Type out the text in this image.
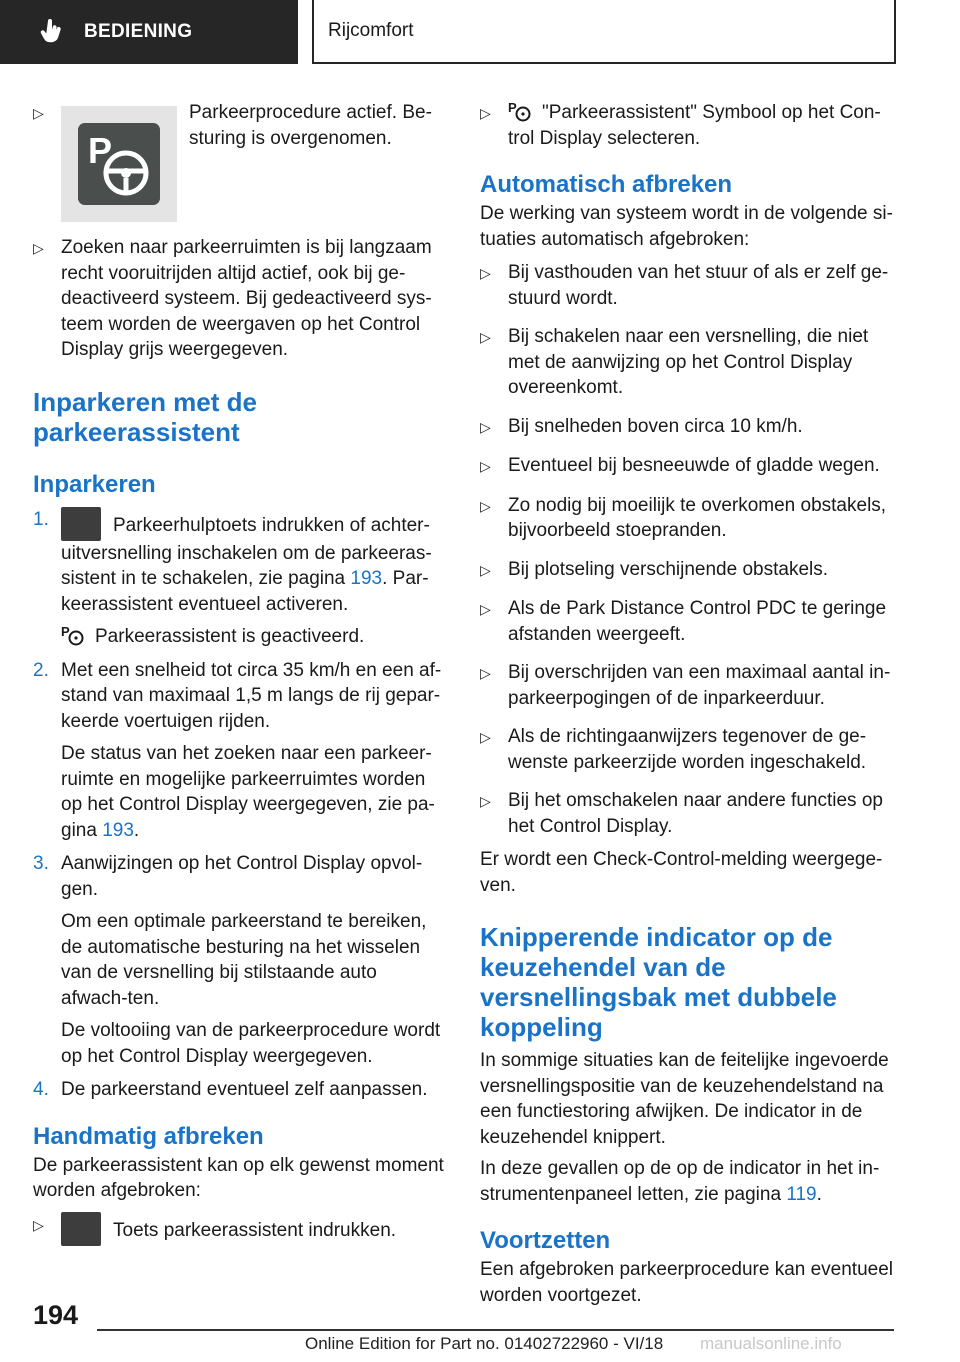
BEDIENING	Rijcomfort
▷
P
Parkeerprocedure actief. Be-sturing is overgenomen.
▷ Zoeken naar parkeerruimten is bij langzaam recht vooruitrijden altijd actief, ook bij ge-deactiveerd systeem. Bij gedeactiveerd sys-teem worden de weergaven op het Control Display grijs weergegeven.
Inparkeren met de parkeerassistent
Inparkeren
1.	Parkeerhulptoets indrukken of achter-uitversnelling inschakelen om de parkeeras-sistent in te schakelen, zie pagina 193. Par-keerassistent eventueel activeren.

P Parkeerassistent is geactiveerd.

2. Met een snelheid tot circa 35 km/h en een af-stand van maximaal 1,5 m langs de rij gepar-keerde voertuigen rijden.

De status van het zoeken naar een parkeer-ruimte en mogelijke parkeerruimtes worden op het Control Display weergegeven, zie pa-gina 193.

3. Aanwijzingen op het Control Display opvol-gen.

Om een optimale parkeerstand te bereiken, de automatische besturing na het wisselen van de versnelling bij stilstaande auto afwach-ten.

De voltooiing van de parkeerprocedure wordt op het Control Display weergegeven.

4. De parkeerstand eventueel zelf aanpassen.

Handmatig afbreken

De parkeerassistent kan op elk gewenst moment worden afgebroken:

▷	Toets parkeerassistent indrukken.
▷	P "Parkeerassistent" Symbool op het Con-trol Display selecteren.
Automatisch afbreken

De werking van systeem wordt in de volgende si-tuaties automatisch afgebroken:

▷ Bij vasthouden van het stuur of als er zelf ge-stuurd wordt.
▷ Bij schakelen naar een versnelling, die niet met de aanwijzing op het Control Display overeenkomt.
▷ Bij snelheden boven circa 10 km/h.
▷ Eventueel bij besneeuwde of gladde wegen.
▷ Zo nodig bij moeilijk te overkomen obstakels, bijvoorbeeld stoepranden.
▷ Bij plotseling verschijnende obstakels.
▷ Als de Park Distance Control PDC te geringe afstanden weergeeft.
▷ Bij overschrijden van een maximaal aantal in-parkeerpogingen of de inparkeerduur.
▷ Als de richtingaanwijzers tegenover de ge-wenste parkeerzijde worden ingeschakeld.
▷ Bij het omschakelen naar andere functies op het Control Display.

Er wordt een Check-Control-melding weergege-ven.

Knipperende indicator op de keuzehendel van de versnellingsbak met dubbele koppeling

In sommige situaties kan de feitelijke ingevoerde versnellingspositie van de keuzehendelstand na een functiestoring afwijken. De indicator in de keuzehendel knippert.

In deze gevallen op de op de indicator in het in-strumentenpaneel letten, zie pagina 119.

Voortzetten

Een afgebroken parkeerprocedure kan eventueel worden voortgezet.

194
Online Edition for Part no. 01402722960 - VI/18 manualsonline.info
